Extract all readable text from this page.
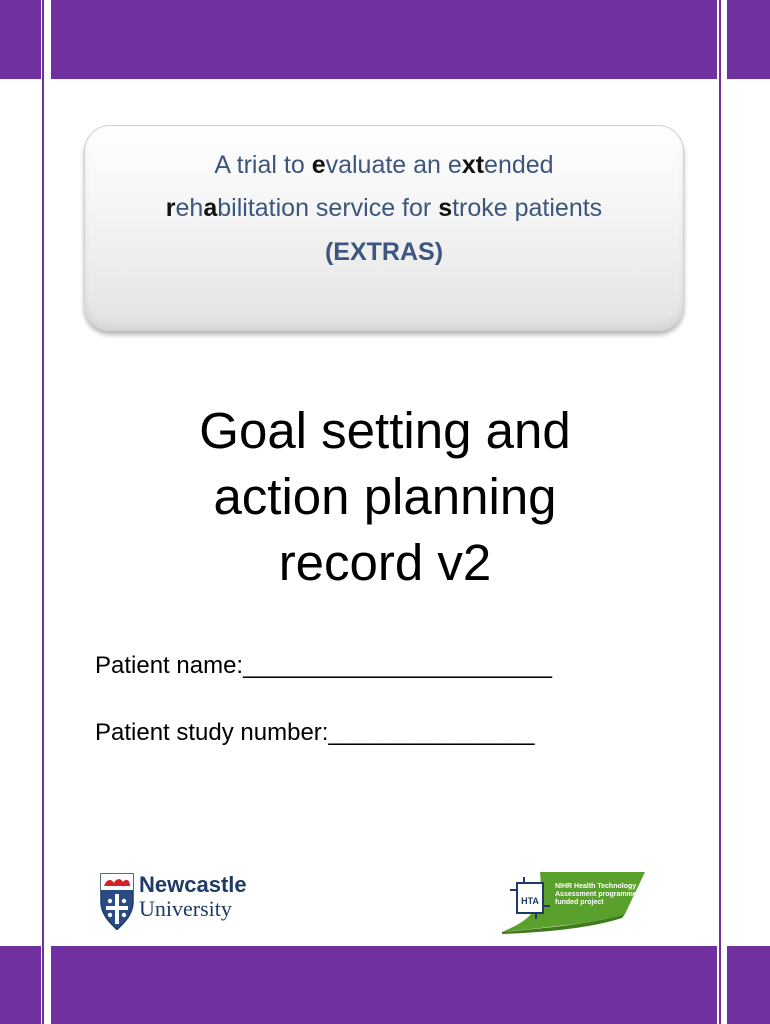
A trial to evaluate an extended
rehabilitation service for stroke patients
(EXTRAS)
Goal setting and
action planning
record v2
Patient name:________________________
Patient study number:________________
Newcastle
University	HTA
NIHR Health Technology
Assessment programme
funded project
